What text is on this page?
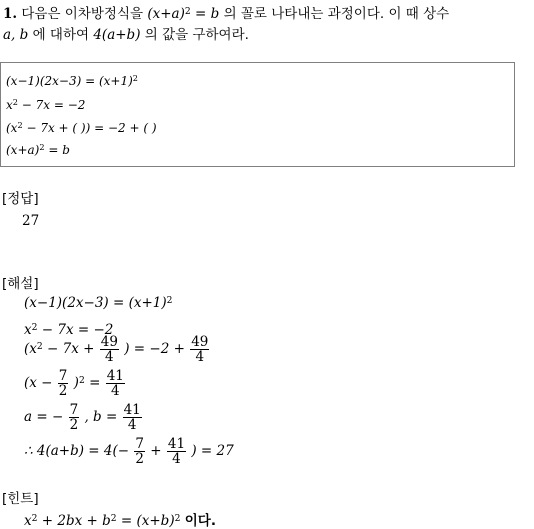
1. 다음은 이차방정식을 $(x+a)^2 = b$ 의 꼴로 나타내는 과정이다. 이 때 상수
a, b 에 대하여 4(a+b) 의 값을 구하여라.
$(x-1)(2x-3) = (x+1)^2$
$x^2 - 7x = -2$
($x^2 - 7x$ + ( )) = −2 + ( )
$(x+a)^2 = b$
[정답]
27
[해설]
$(x-1)(2x-3) = (x+1)^2$
$x^2 - 7x = -2$
($x^2 - 7x + \frac{49}{4}$ ) = $-2 + \frac{49}{4}$
$(x - \frac{7}{2} )^2 = \frac{41}{4}$
a = − $\frac{7}{2}$ , $b = \frac{41}{4}$
∴ $4(a+b) = 4(- \frac{7}{2} + \frac{41}{4}$ ) = 27
[힌트]
$x^2 + 2bx + b^2 = (x+b)^2$ 이다.
